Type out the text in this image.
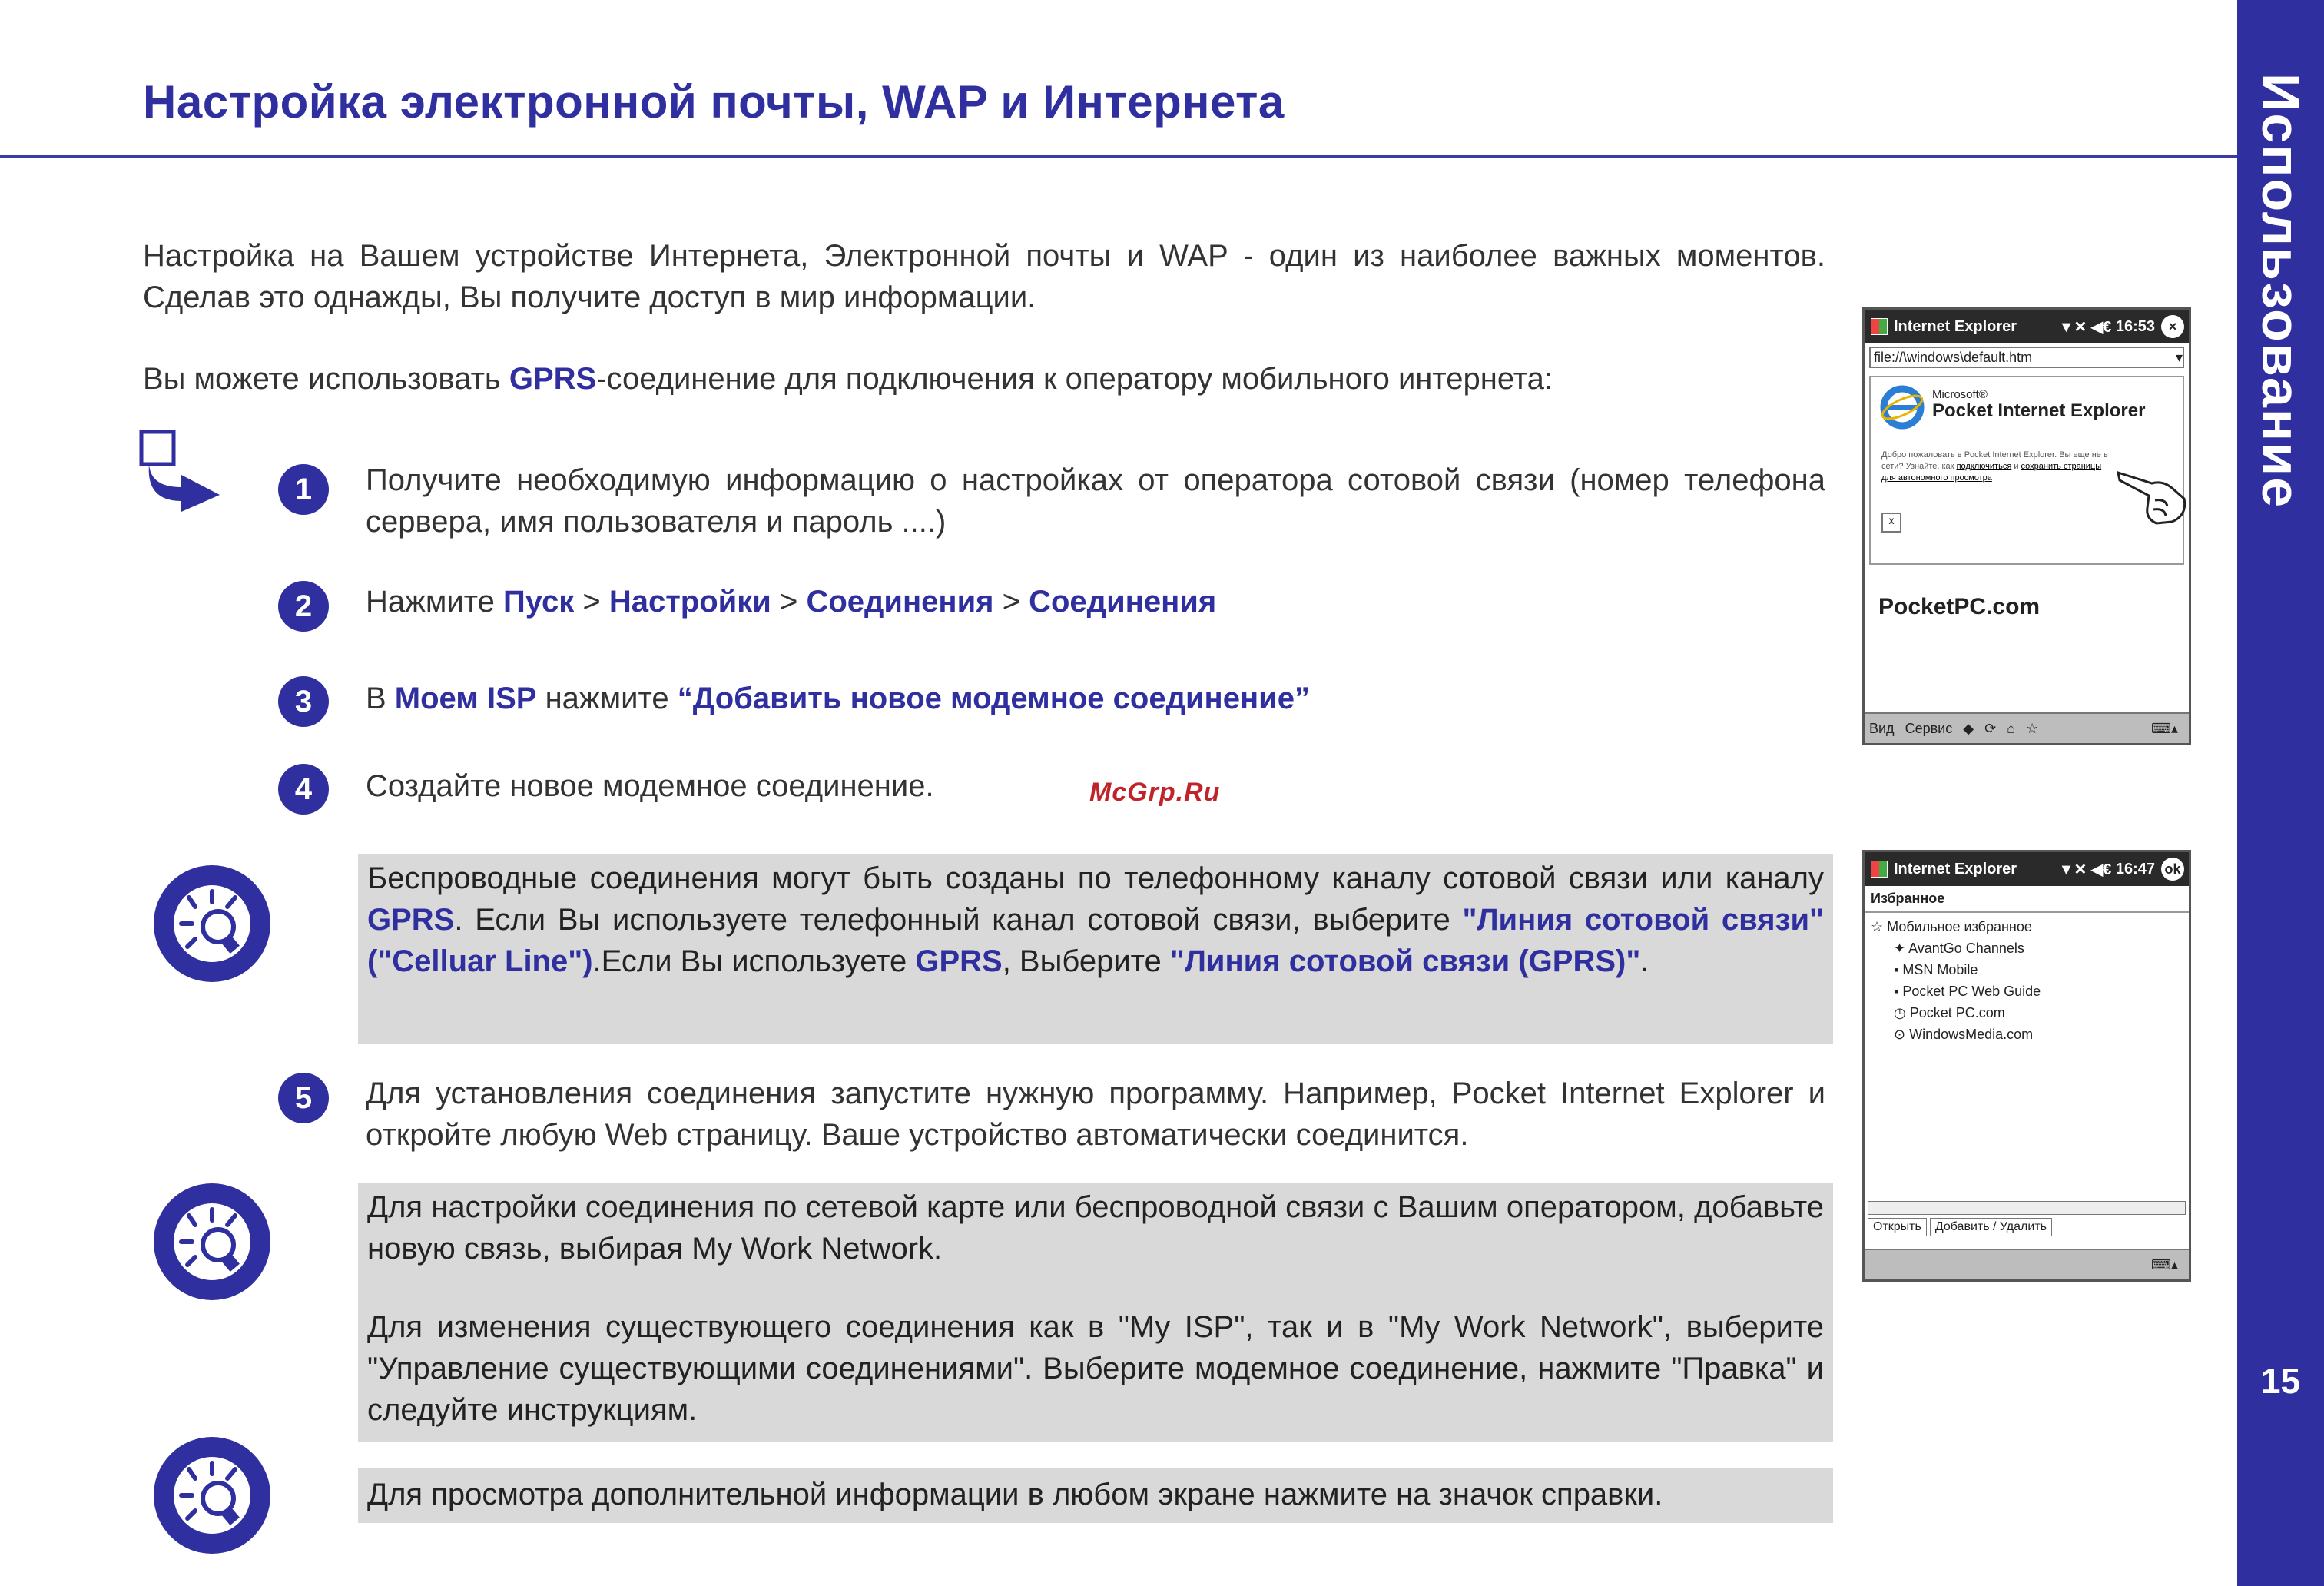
Настройка электронной почты, WAP и Интернета	Использование
15
Настройка на Вашем устройстве Интернета, Электронной почты и WAP - один из наиболее важных моментов. Сделав это однажды, Вы получите доступ в мир информации.
Вы можете использовать GPRS-соединение для подключения к оператору мобильного интернета:
1	Получите необходимую информацию о настройках от оператора сотовой связи (номер телефона сервера, имя пользователя и пароль ....)
2	Нажмите Пуск > Настройки > Соединения > Соединения
3	В Моем ISP нажмите “Добавить новое модемное соединение”
4	Создайте новое модемное соединение.	McGrp.Ru
Беспроводные соединения могут быть созданы по телефонному каналу сотовой связи или каналу GPRS. Если Вы используете телефонный канал сотовой связи, выберите "Линия сотовой связи" ("Celluar Line").Если Вы используете GPRS, Выберите "Линия сотовой связи (GPRS)".
5	Для установления соединения запустите нужную программу. Например, Pocket Internet Explorer и откройте любую Web страницу. Ваше устройство автоматически соединится.
Для настройки соединения по сетевой карте или беспроводной связи с Вашим оператором, добавьте новую связь, выбирая My Work Network.
Для изменения существующего соединения как в "My ISP", так и в "My Work Network", выберите "Управление существующими соединениями". Выберите модемное соединение, нажмите "Правка" и следуйте инструкциям.
Для просмотра дополнительной информации в любом экране нажмите на значок справки.
Internet Explorer	▼✕ ◀€
16:53 ×
file://\windows\default.htm	▾
Microsoft®
Pocket Internet Explorer
Добро пожаловать в Pocket Internet Explorer. Вы еще не в сети? Узнайте, как подключиться и сохранить страницы для автономного просмотра
x
PocketPC.com
Вид Сервис ◆ ⟳ ⌂ ☆	⌨▴
Internet Explorer	▼✕ ◀€
16:47 ok
Избранное
☆ Мобильное избранное
✦ AvantGo Channels
▪ MSN Mobile
▪ Pocket PC Web Guide
◷ Pocket PC.com
⊙ WindowsMedia.com
Открыть	Добавить / Удалить
⌨▴
